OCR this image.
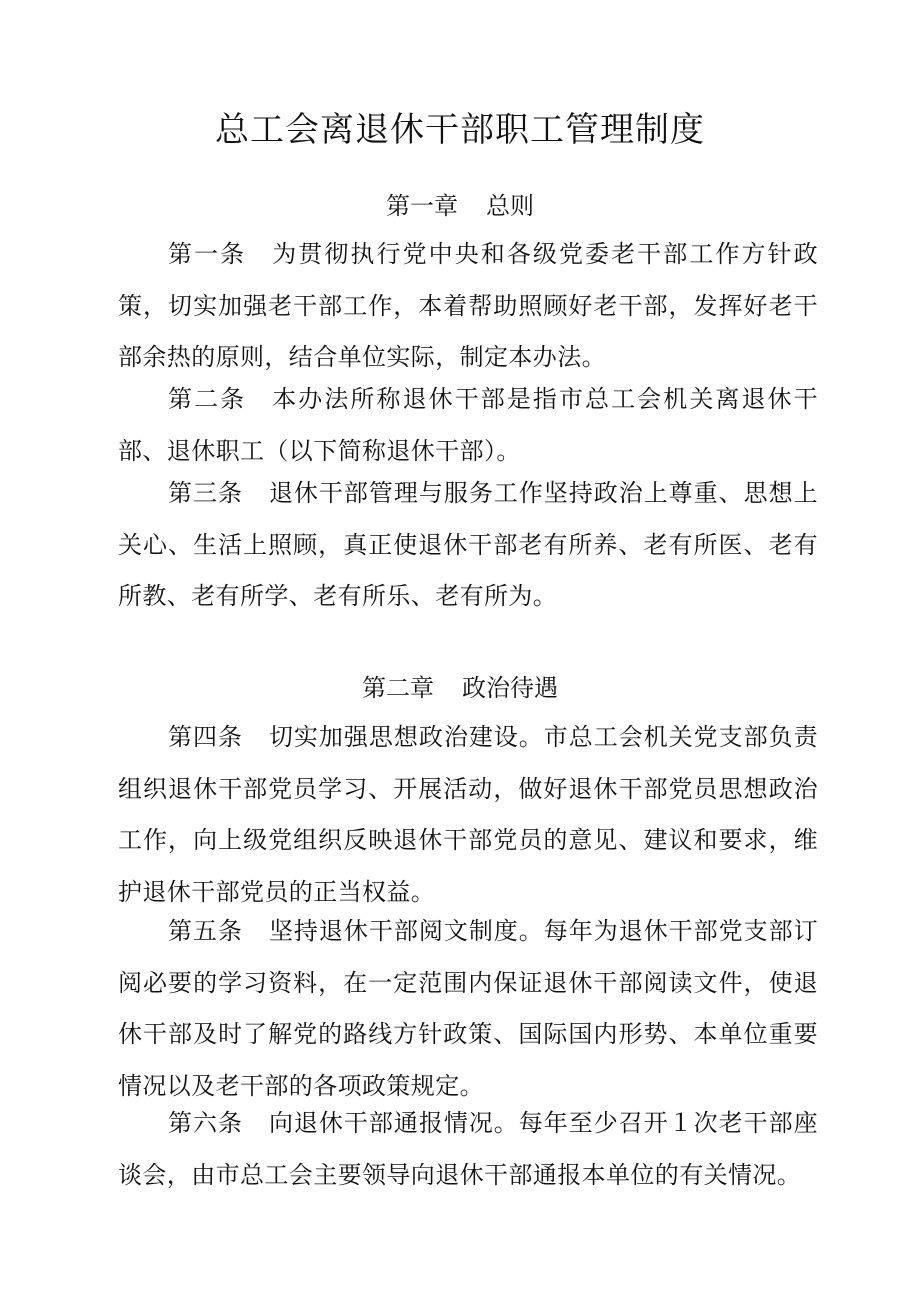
总工会离退休干部职工管理制度
第一章 总则
第一条 为贯彻执行党中央和各级党委老干部工作方针政策，切实加强老干部工作，本着帮助照顾好老干部，发挥好老干部余热的原则，结合单位实际，制定本办法。
第二条 本办法所称退休干部是指市总工会机关离退休干部、退休职工（以下简称退休干部）。
第三条 退休干部管理与服务工作坚持政治上尊重、思想上关心、生活上照顾，真正使退休干部老有所养、老有所医、老有所教、老有所学、老有所乐、老有所为。
第二章 政治待遇
第四条 切实加强思想政治建设。市总工会机关党支部负责组织退休干部党员学习、开展活动，做好退休干部党员思想政治工作，向上级党组织反映退休干部党员的意见、建议和要求，维护退休干部党员的正当权益。
第五条 坚持退休干部阅文制度。每年为退休干部党支部订阅必要的学习资料，在一定范围内保证退休干部阅读文件，使退休干部及时了解党的路线方针政策、国际国内形势、本单位重要情况以及老干部的各项政策规定。
第六条 向退休干部通报情况。每年至少召开１次老干部座谈会，由市总工会主要领导向退休干部通报本单位的有关情况。
